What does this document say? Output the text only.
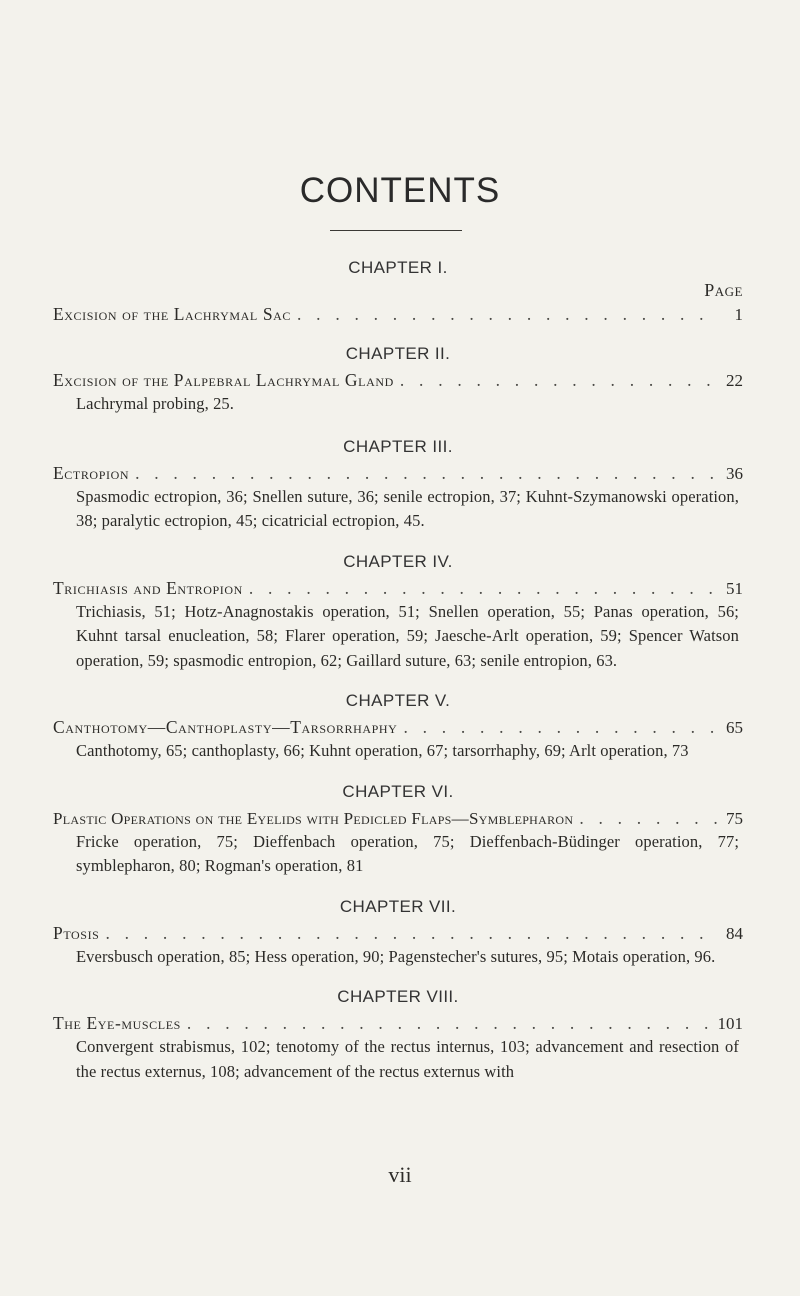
CONTENTS
CHAPTER I.
Page
Excision of the Lachrymal Sac . . .	1
CHAPTER II.
Excision of the Palpebral Lachrymal Gland . . .	22
Lachrymal probing, 25.
CHAPTER III.
Ectropion . . .	36
Spasmodic ectropion, 36; Snellen suture, 36; senile ectropion, 37; Kuhnt-Szymanowski operation, 38; paralytic ectropion, 45; cicatricial ectropion, 45.
CHAPTER IV.
Trichiasis and Entropion . . .	51
Trichiasis, 51; Hotz-Anagnostakis operation, 51; Snellen operation, 55; Panas operation, 56; Kuhnt tarsal enucleation, 58; Flarer operation, 59; Jaesche-Arlt operation, 59; Spencer Watson operation, 59; spasmodic entropion, 62; Gaillard suture, 63; senile entropion, 63.
CHAPTER V.
Canthotomy—Canthoplasty—Tarsorrhaphy . . .	65
Canthotomy, 65; canthoplasty, 66; Kuhnt operation, 67; tarsorrhaphy, 69; Arlt operation, 73
CHAPTER VI.
Plastic Operations on the Eyelids with Pedicled Flaps—Symblepharon . . .	75
Fricke operation, 75; Dieffenbach operation, 75; Dieffenbach-Büdinger operation, 77; symblepharon, 80; Rogman's operation, 81
CHAPTER VII.
Ptosis . . .	84
Eversbusch operation, 85; Hess operation, 90; Pagenstecher's sutures, 95; Motais operation, 96.
CHAPTER VIII.
The Eye-muscles . . .	101
Convergent strabismus, 102; tenotomy of the rectus internus, 103; advancement and resection of the rectus externus, 108; advancement of the rectus externus with
vii
